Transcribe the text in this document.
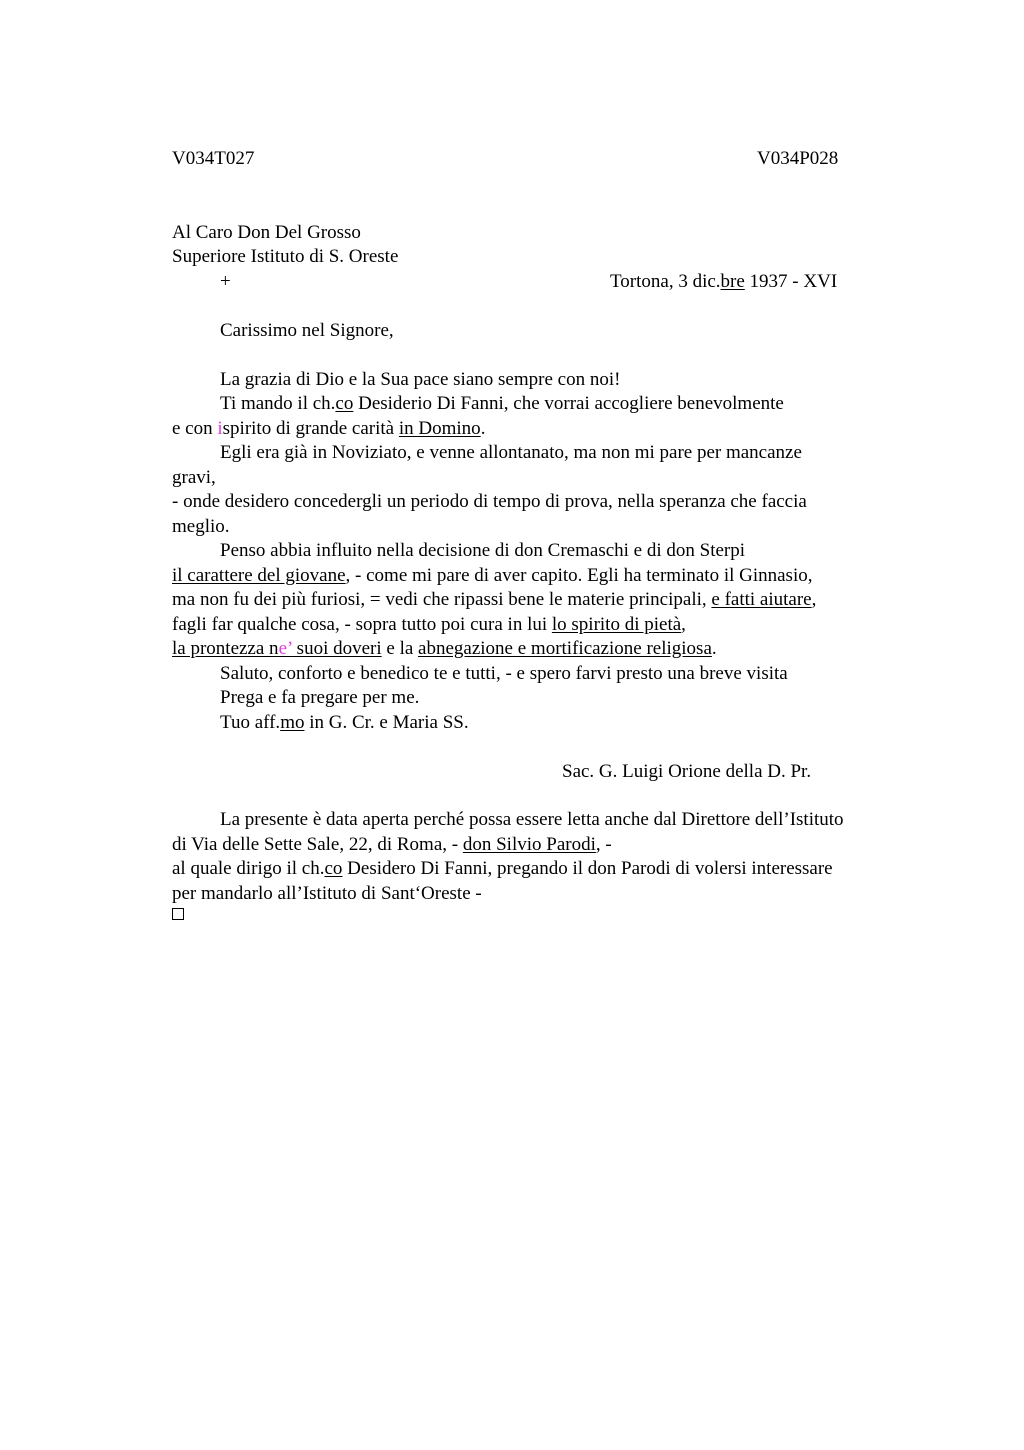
V034T027	V034P028
Al Caro Don Del Grosso
Superiore Istituto di S. Oreste
+	Tortona, 3 dic.bre 1937 - XVI
Carissimo nel Signore,
La grazia di Dio e la Sua pace siano sempre con noi!
Ti mando il ch.co Desiderio Di Fanni, che vorrai accogliere benevolmente
e con ispirito di grande carità in Domino.
Egli era già in Noviziato, e venne allontanato, ma non mi pare per mancanze
gravi,
- onde desidero concedergli un periodo di tempo di prova, nella speranza che faccia
meglio.
Penso abbia influito nella decisione di don Cremaschi e di don Sterpi
il carattere del giovane, - come mi pare di aver capito. Egli ha terminato il Ginnasio,
ma non fu dei più furiosi, = vedi che ripassi bene le materie principali, e fatti aiutare,
fagli far qualche cosa, - sopra tutto poi cura in lui lo spirito di pietà,
la prontezza ne’ suoi doveri e la abnegazione e mortificazione religiosa.
Saluto, conforto e benedico te e tutti, - e spero farvi presto una breve visita
Prega e fa pregare per me.
Tuo aff.mo in G. Cr. e Maria SS.
Sac. G. Luigi Orione della D. Pr.
La presente è data aperta perché possa essere letta anche dal Direttore dell’Istituto
di Via delle Sette Sale, 22, di Roma, - don Silvio Parodi, -
al quale dirigo il ch.co Desidero Di Fanni, pregando il don Parodi di volersi interessare
per mandarlo all’Istituto di Sant‘Oreste -
